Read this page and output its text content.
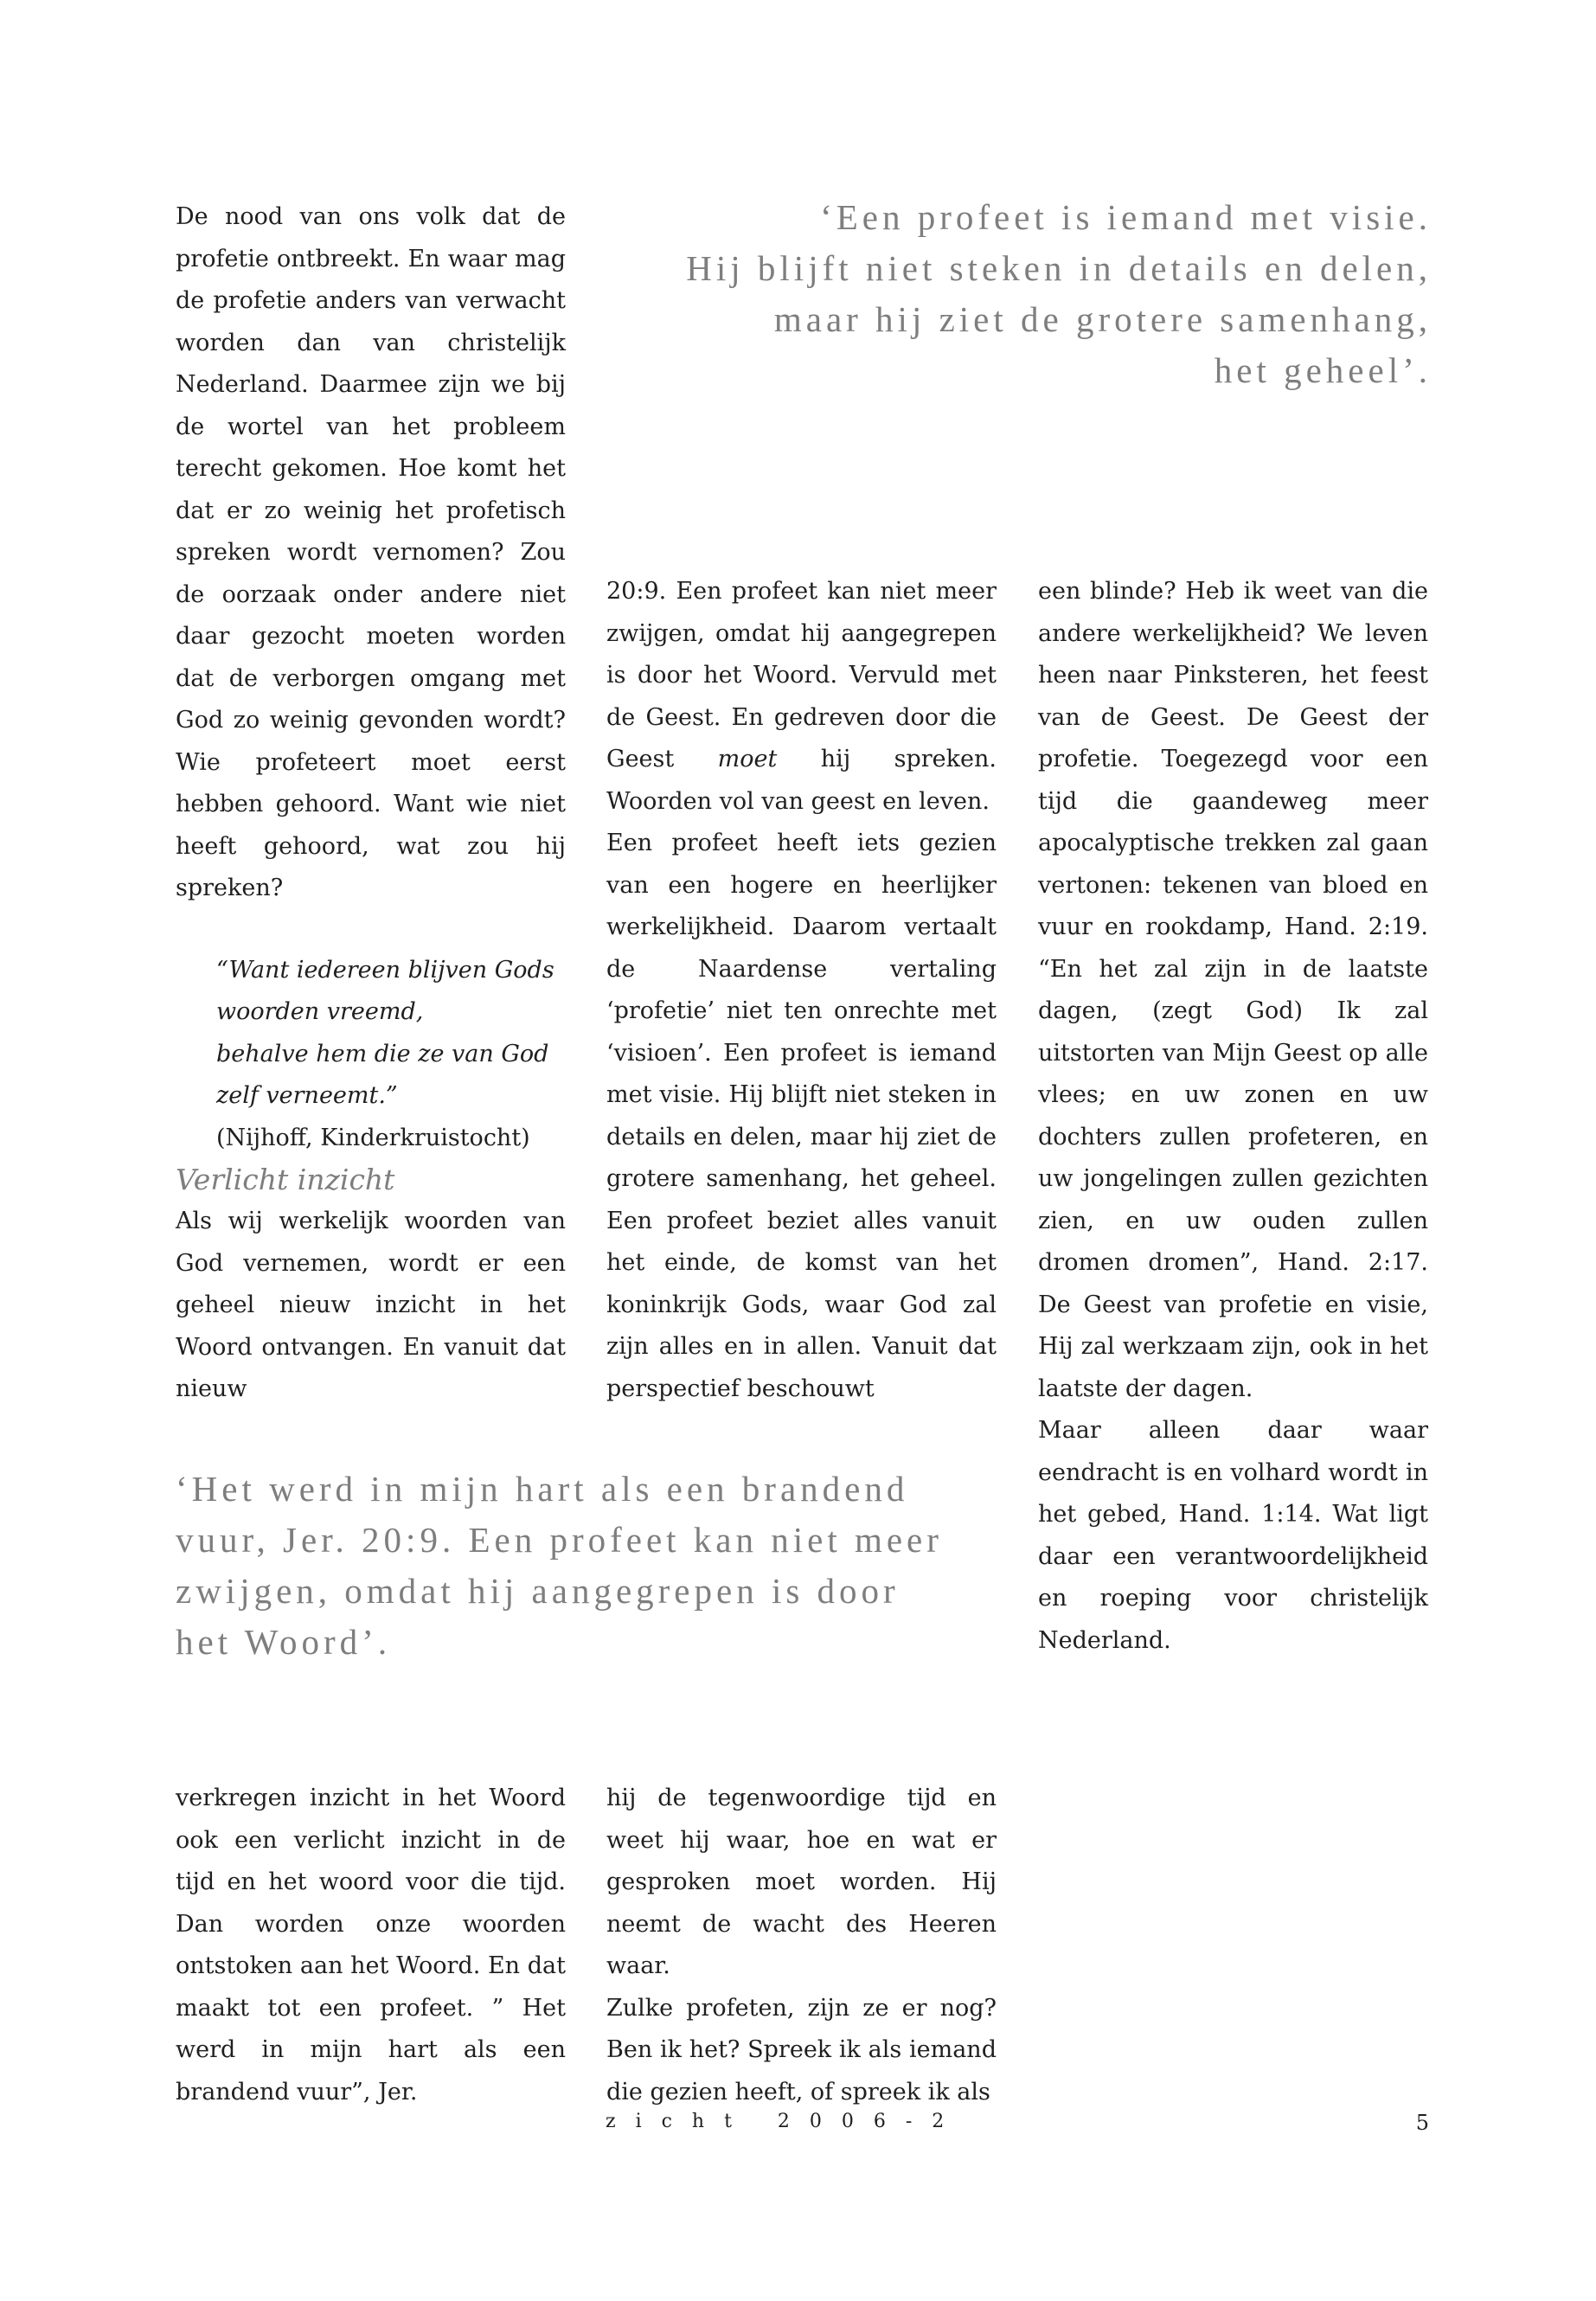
‘Een profeet is iemand met visie.

Hij blijft niet steken in details en delen,

maar hij ziet de grotere samenhang,

het geheel’.

De nood van ons volk dat de profetie ontbreekt. En waar mag de profetie anders van verwacht worden dan van christelijk Nederland. Daarmee zijn we bij de wortel van het probleem terecht gekomen. Hoe komt het dat er zo weinig het profetisch spreken wordt vernomen? Zou de oorzaak onder andere niet daar gezocht moeten worden dat de verborgen omgang met God zo weinig gevonden wordt? Wie profeteert moet eerst hebben gehoord. Want wie niet heeft gehoord, wat zou hij spreken?

“Want iedereen blijven Gods

woorden vreemd,

behalve hem die ze van God

zelf verneemt.”

(Nijhoff, Kinderkruistocht)

Verlicht inzicht

Als wij werkelijk woorden van God vernemen, wordt er een geheel nieuw inzicht in het Woord ontvangen. En vanuit dat nieuw

20:9. Een profeet kan niet meer zwijgen, omdat hij aangegrepen is door het Woord. Vervuld met de Geest. En gedreven door die Geest moet hij spreken. Woorden vol van geest en leven.

Een profeet heeft iets gezien van een hogere en heerlijker werkelijkheid. Daarom vertaalt de Naardense vertaling ‘profetie’ niet ten onrechte met ‘visioen’. Een profeet is iemand met visie. Hij blijft niet steken in details en delen, maar hij ziet de grotere samenhang, het geheel. Een profeet beziet alles vanuit het einde, de komst van het koninkrijk Gods, waar God zal zijn alles en in allen. Vanuit dat perspectief beschouwt

een blinde? Heb ik weet van die andere werkelijkheid? We leven heen naar Pinksteren, het feest van de Geest. De Geest der profetie. Toegezegd voor een tijd die gaandeweg meer apocalyptische trekken zal gaan vertonen: tekenen van bloed en vuur en rookdamp, Hand. 2:19. “En het zal zijn in de laatste dagen, (zegt God) Ik zal uitstorten van Mijn Geest op alle vlees; en uw zonen en uw dochters zullen profeteren, en uw jongelingen zullen gezichten zien, en uw ouden zullen dromen dromen”, Hand. 2:17. De Geest van profetie en visie, Hij zal werkzaam zijn, ook in het laatste der dagen.

Maar alleen daar waar eendracht is en volhard wordt in het gebed, Hand. 1:14. Wat ligt daar een verantwoordelijkheid en roeping voor christelijk Nederland.

‘Het werd in mijn hart als een brandend

vuur, Jer. 20:9. Een profeet kan niet meer

zwijgen, omdat hij aangegrepen is door

het Woord’.

verkregen inzicht in het Woord ook een verlicht inzicht in de tijd en het woord voor die tijd. Dan worden onze woorden ontstoken aan het Woord. En dat maakt tot een profeet. ” Het werd in mijn hart als een brandend vuur”, Jer.

hij de tegenwoordige tijd en weet hij waar, hoe en wat er gesproken moet worden. Hij neemt de wacht des Heeren waar.

Zulke profeten, zijn ze er nog? Ben ik het? Spreek ik als iemand die gezien heeft, of spreek ik als

z i c h t   2 0 0 6 - 2	5
